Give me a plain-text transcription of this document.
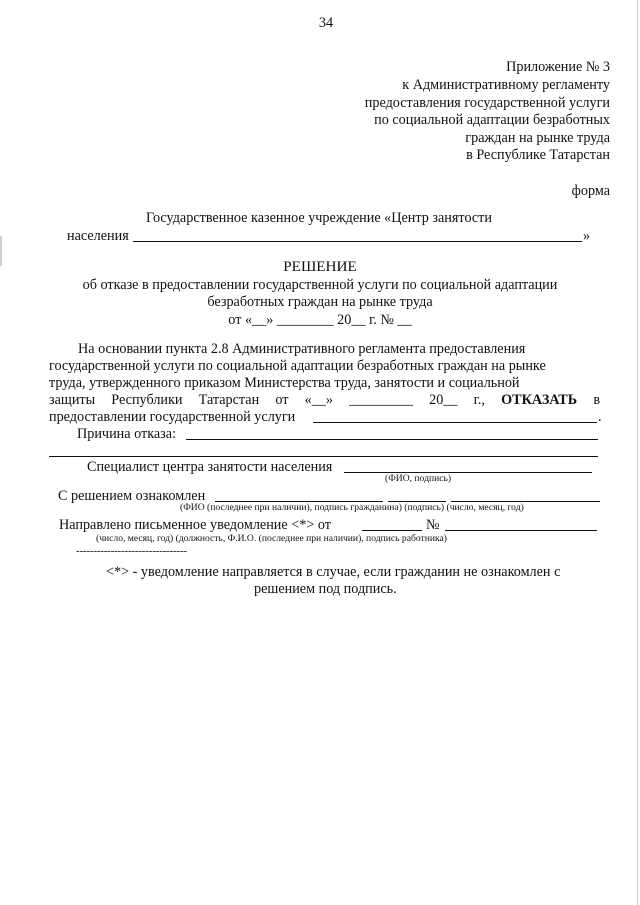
34
Приложение № 3
к Административному регламенту
предоставления государственной услуги
по социальной адаптации безработных
граждан на рынке труда
в Республике Татарстан
форма
Государственное казенное учреждение «Центр занятости
населения	»
РЕШЕНИЕ
об отказе в предоставлении государственной услуги по социальной адаптации
безработных граждан на рынке труда
от «__» ________ 20__ г. № __
На основании пункта 2.8 Административного регламента предоставления
государственной услуги по социальной адаптации безработных граждан на рынке
труда, утвержденного приказом Министерства труда, занятости и социальной
защиты Республики Татарстан от «__» _________ 20__ г., ОТКАЗАТЬ в
предоставлении государственной услуги	.
Причина отказа:
Специалист центра занятости населения
(ФИО, подпись)
С решением ознакомлен
(ФИО (последнее при наличии), подпись гражданина) (подпись) (число, месяц, год)
Направлено письменное уведомление <*> от	№
(число, месяц, год) (должность, Ф.И.О. (последнее при наличии), подпись работника)
--------------------------------
<*> - уведомление направляется в случае, если гражданин не ознакомлен с
решением под подпись.
